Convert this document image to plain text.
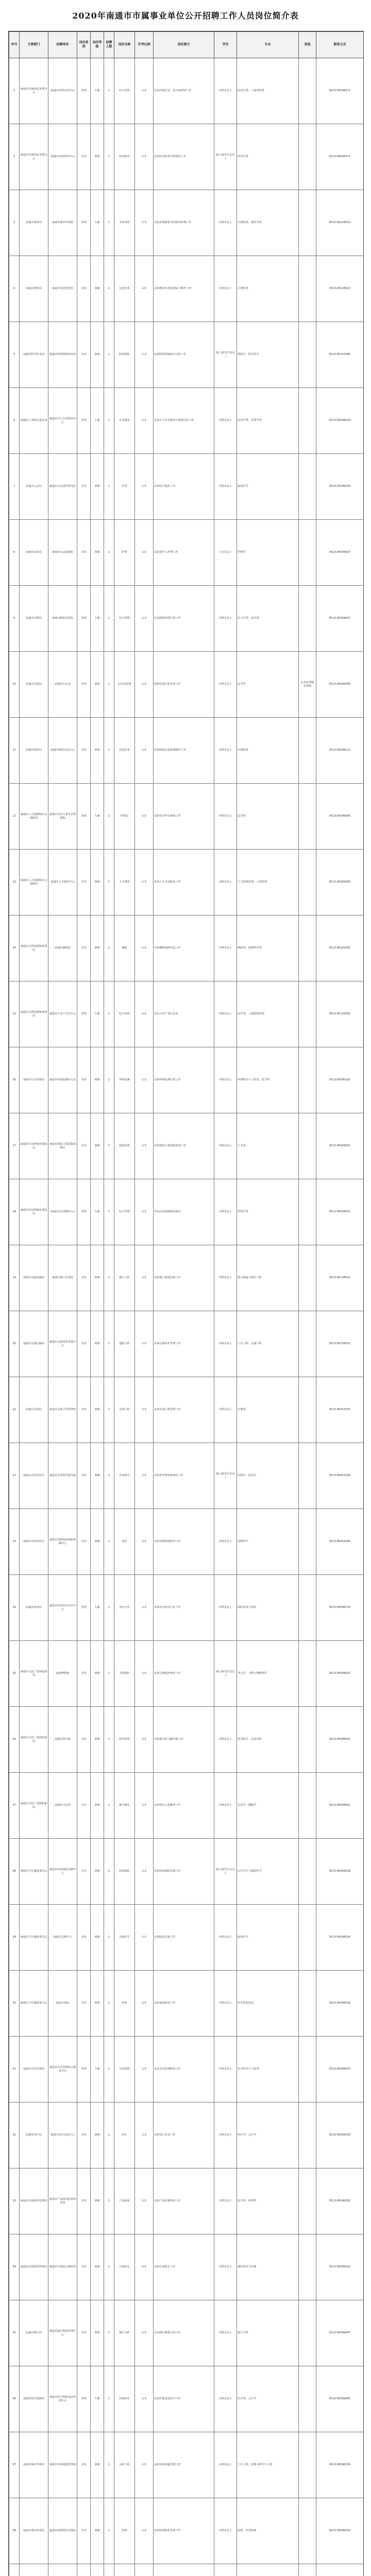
2020年南通市市属事业单位公开招聘工作人员岗位简介表
序号	主管部门	招聘单位	岗位类别	岗位等级	招聘人数	岗位名称	开考比例	岗位简介	学历	专业	其他	联系方式
1	南通市发展和改革委员会	南通市价格认证中心	管理	九级	1	综合管理	1:3	负责价格认证、综合协调等工作	本科及以上	经济学类、工商管理类		0513-85098371
2	南通市发展和改革委员会	南通市经济研究中心	专技	初级	1	经济研究	1:3	从事经济形势分析研究工作	硕士研究生及以上	经济学类		0513-85098371
3	南通市教育局	南通市教育考试院	管理	九级	1	考务管理	1:3	负责各类教育考试组织管理工作	本科及以上	计算机类、教育学类		0513-85228913
4	南通市教育局	南通市电化教育馆	专技	初级	1	信息技术	1:3	从事教育信息化建设与维护工作	本科及以上	计算机类		0513-85228913
5	南通市科学技术局	南通市科技情报研究所	专技	初级	1	科技情报	1:3	从事科技情报研究分析工作	硕士研究生及以上	情报学、图书馆学		0513-85122085
6	南通市工业和信息化局	南通市中小企业服务中心	管理	九级	1	企业服务	1:3	负责中小企业服务与政策宣传工作	本科及以上	经济学类、管理学类		0513-85098526
7	南通市公安局	南通市公安局特警支队	专技	初级	1	医务	1:3	从事医疗救护工作	本科及以上	临床医学		0513-85096230
8	南通市民政局	南通市社会福利院	专技	初级	1	护理	1:3	从事老年人护理工作	大专及以上	护理学		0513-85099627
9	南通市民政局	南通市救助管理站	管理	九级	1	综合管理	1:3	负责救助管理日常工作	本科及以上	社会学类、法学类		0513-85099627
10	南通市司法局	南通市公证处	专技	初级	1	公证员助理	1:3	协助从事公证业务工作	本科及以上	法学类	具有法律职业资格	0513-85099358
11	南通市财政局	南通市财政信息中心	专技	初级	1	信息技术	1:3	从事财政信息系统维护工作	本科及以上	计算机类		0513-85098112
12	南通市人力资源和社会保障局	南通市劳动人事争议仲裁院	管理	九级	1	仲裁员	1:3	从事劳动争议仲裁工作	本科及以上	法学类		0513-85099005
13	南通市人力资源和社会保障局	南通市人才服务中心	专技	初级	1	人才服务	1:3	从事人才交流服务工作	本科及以上	人力资源管理、工商管理		0513-85099005
14	南通市自然资源和规划局	南通市测绘院	专技	初级	2	测绘	1:3	从事测绘地理信息工作	本科及以上	测绘类、地理科学类		0513-85103562
15	南通市自然资源和规划局	南通市不动产登记中心	管理	九级	1	综合管理	1:3	负责不动产登记业务	本科及以上	法学类、土地资源管理		0513-85103562
16	南通市生态环境局	南通市环境监测中心站	专技	初级	2	环境监测	1:3	从事环境监测分析工作	本科及以上	环境科学与工程类、化学类		0513-85090162
17	南通市住房和城乡建设局	南通市建设工程质量监督站	专技	初级	1	质量监督	1:3	从事建设工程质量监督工作	本科及以上	土木类		0513-85058631
18	南通市住房和城乡建设局	南通市住房保障中心	管理	九级	1	综合管理	1:3	负责住房保障政策落实	本科及以上	管理学类		0513-85058631
19	南通市交通运输局	南通市港口管理局	专技	初级	1	港口工程	1:3	从事港口建设管理工作	本科及以上	港口航道与海岸工程		0513-85128011
20	南通市交通运输局	南通市公路事业发展中心	专技	初级	1	道路工程	1:3	从事公路养护管理工作	本科及以上	土木工程、交通工程		0513-85128011
21	南通市水利局	南通市水利工程管理处	专技	初级	1	水利工程	1:3	从事水利工程管理工作	本科及以上	水利类		0513-85053207
22	南通市农业农村局	南通市农业科学研究院	专技	初级	2	农业研究	1:3	从事农作物育种研究工作	硕士研究生及以上	作物学、园艺学		0513-85051826
23	南通市农业农村局	南通市动物疫病预防控制中心	专技	初级	1	兽医	1:3	从事动物疫病防控工作	本科及以上	动物医学		0513-85051826
24	南通市商务局	南通市对外经济合作中心	管理	九级	1	外经合作	1:3	从事对外经济合作工作	本科及以上	国际经济与贸易		0513-85098703
25	南通市文化广电和旅游局	南通博物苑	专技	初级	1	文物保护	1:3	从事文物保护研究工作	硕士研究生及以上	考古学、文物与博物馆学		0513-85099621
26	南通市文化广电和旅游局	南通市图书馆	专技	初级	1	图书管理	1:3	从事图书馆文献管理工作	本科及以上	图书馆学、信息管理		0513-85099621
27	南通市文化广电和旅游局	南通市文化馆	专技	初级	1	群文辅导	1:3	从事群众文化辅导工作	本科及以上	音乐学、舞蹈学		0513-85099621
28	南通市卫生健康委员会	南通市疾病预防控制中心	专技	初级	2	疾病预防	1:3	从事疾病预防控制工作	硕士研究生及以上	公共卫生与预防医学		0513-85099516
29	南通市卫生健康委员会	南通市急救中心	专技	初级	2	急救医生	1:3	从事院前急救工作	本科及以上	临床医学		0513-85099516
30	南通市卫生健康委员会	南通市血站	专技	初级	1	检验	1:3	从事血液检验工作	本科及以上	医学检验技术		0513-85099516
31	南通市应急管理局	南通市应急管理综合服务中心	管理	九级	1	应急管理	1:3	负责应急管理服务工作	本科及以上	安全科学与工程类		0513-85098633
32	南通市审计局	南通市审计信息中心	专技	初级	1	审计	1:3	从事审计业务工作	本科及以上	审计学、会计学		0513-85098259
33	南通市市场监督管理局	南通市产品质量监督检验所	专技	初级	2	产品检验	1:3	从事产品质量检验工作	本科及以上	化学类、材料类		0513-85099302
34	南通市市场监督管理局	南通市计量检定测试所	专技	初级	1	计量检定	1:3	从事计量检定工作	本科及以上	测控技术与仪器		0513-85099302
35	南通市统计局	南通市统计数据管理中心	专技	初级	1	统计分析	1:3	从事统计数据分析工作	本科及以上	统计学类		0513-85098447
36	南通市医疗保障局	南通市医疗保险基金管理中心	管理	九级	1	医保经办	1:3	负责医保基金经办工作	本科及以上	医学类、会计学		0513-85098965
37	南通市城市管理局	南通市市政设施管理处	专技	初级	1	市政工程	1:3	从事市政设施管理工作	本科及以上	土木工程、给排水科学与工程		0513-85090530
38	南通市城市管理局	南通市园林绿化管理站	专技	初级	1	园林	1:3	从事园林绿化管理工作	本科及以上	园林、风景园林		0513-85090530
